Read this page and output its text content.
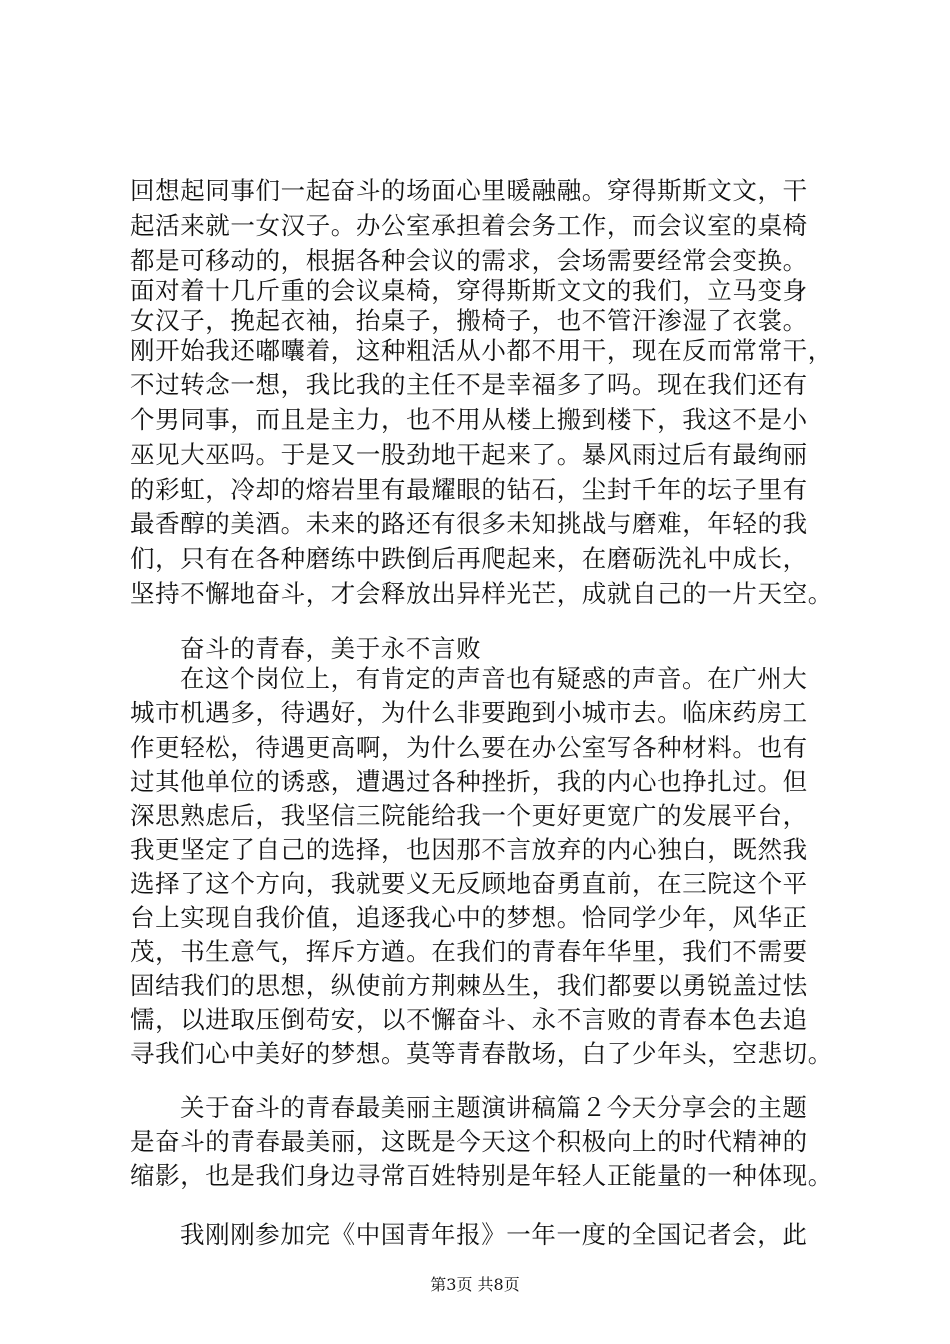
回想起同事们一起奋斗的场面心里暖融融。穿得斯斯文文，干
起活来就一女汉子。办公室承担着会务工作，而会议室的桌椅
都是可移动的，根据各种会议的需求，会场需要经常会变换。
面对着十几斤重的会议桌椅，穿得斯斯文文的我们，立马变身
女汉子，挽起衣袖，抬桌子，搬椅子，也不管汗渗湿了衣裳。
刚开始我还嘟囔着，这种粗活从小都不用干，现在反而常常干，
不过转念一想，我比我的主任不是幸福多了吗。现在我们还有
个男同事，而且是主力，也不用从楼上搬到楼下，我这不是小
巫见大巫吗。于是又一股劲地干起来了。暴风雨过后有最绚丽
的彩虹，冷却的熔岩里有最耀眼的钻石，尘封千年的坛子里有
最香醇的美酒。未来的路还有很多未知挑战与磨难，年轻的我
们，只有在各种磨练中跌倒后再爬起来，在磨砺洗礼中成长，
坚持不懈地奋斗，才会释放出异样光芒，成就自己的一片天空。
奋斗的青春，美于永不言败
在这个岗位上，有肯定的声音也有疑惑的声音。在广州大
城市机遇多，待遇好，为什么非要跑到小城市去。临床药房工
作更轻松，待遇更高啊，为什么要在办公室写各种材料。也有
过其他单位的诱惑，遭遇过各种挫折，我的内心也挣扎过。但
深思熟虑后，我坚信三院能给我一个更好更宽广的发展平台，
我更坚定了自己的选择，也因那不言放弃的内心独白，既然我
选择了这个方向，我就要义无反顾地奋勇直前，在三院这个平
台上实现自我价值，追逐我心中的梦想。恰同学少年，风华正
茂，书生意气，挥斥方遒。在我们的青春年华里，我们不需要
固结我们的思想，纵使前方荆棘丛生，我们都要以勇锐盖过怯
懦，以进取压倒苟安，以不懈奋斗、永不言败的青春本色去追
寻我们心中美好的梦想。莫等青春散场，白了少年头，空悲切。
关于奋斗的青春最美丽主题演讲稿篇２今天分享会的主题
是奋斗的青春最美丽，这既是今天这个积极向上的时代精神的
缩影，也是我们身边寻常百姓特别是年轻人正能量的一种体现。
我刚刚参加完《中国青年报》一年一度的全国记者会，此
第3页 共8页
